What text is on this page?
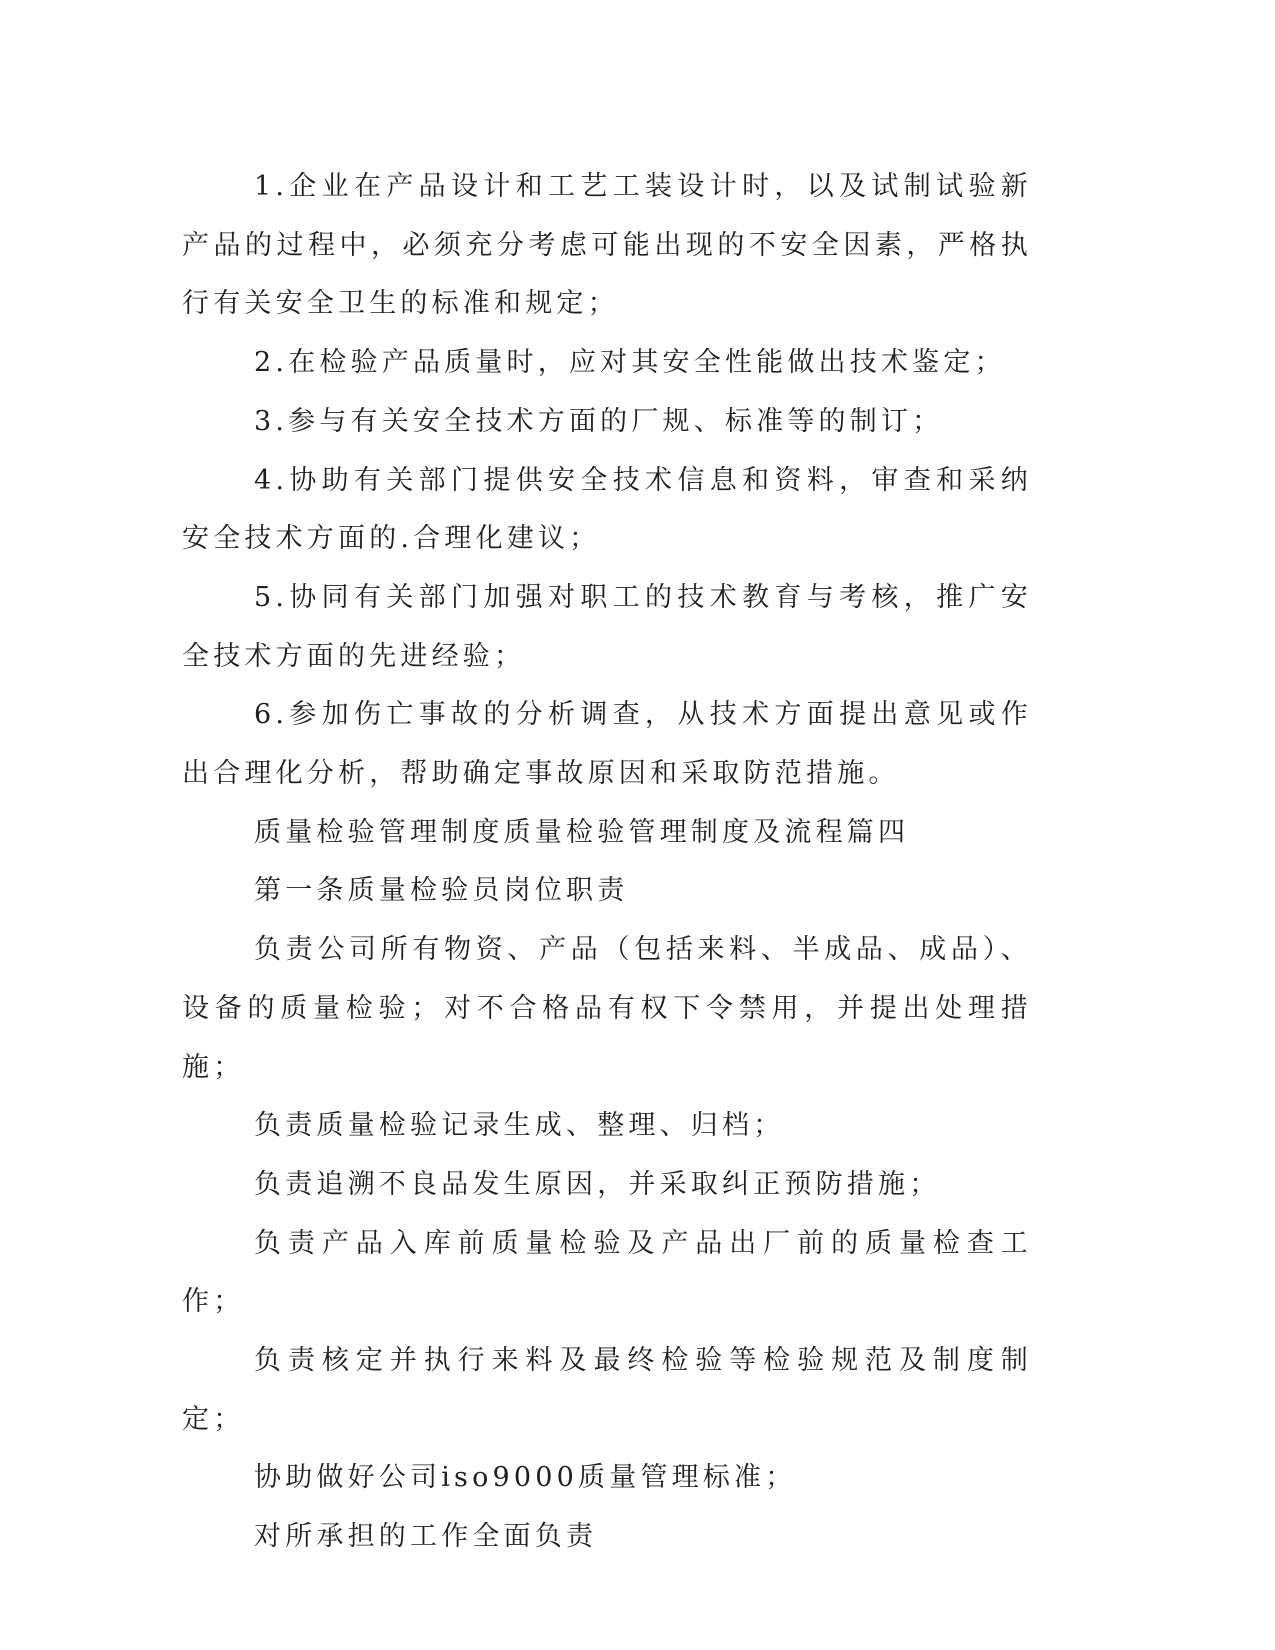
1.企业在产品设计和工艺工装设计时，以及试制试验新产品的过程中，必须充分考虑可能出现的不安全因素，严格执行有关安全卫生的标准和规定；

2.在检验产品质量时，应对其安全性能做出技术鉴定；

3.参与有关安全技术方面的厂规、标准等的制订；

4.协助有关部门提供安全技术信息和资料，审查和采纳安全技术方面的.合理化建议；

5.协同有关部门加强对职工的技术教育与考核，推广安全技术方面的先进经验；

6.参加伤亡事故的分析调查，从技术方面提出意见或作出合理化分析，帮助确定事故原因和采取防范措施。

质量检验管理制度质量检验管理制度及流程篇四

第一条质量检验员岗位职责

负责公司所有物资、产品（包括来料、半成品、成品）、设备的质量检验；对不合格品有权下令禁用，并提出处理措施；

负责质量检验记录生成、整理、归档；

负责追溯不良品发生原因，并采取纠正预防措施；

负责产品入库前质量检验及产品出厂前的质量检查工作；

负责核定并执行来料及最终检验等检验规范及制度制定；

协助做好公司iso9000质量管理标准；

对所承担的工作全面负责
